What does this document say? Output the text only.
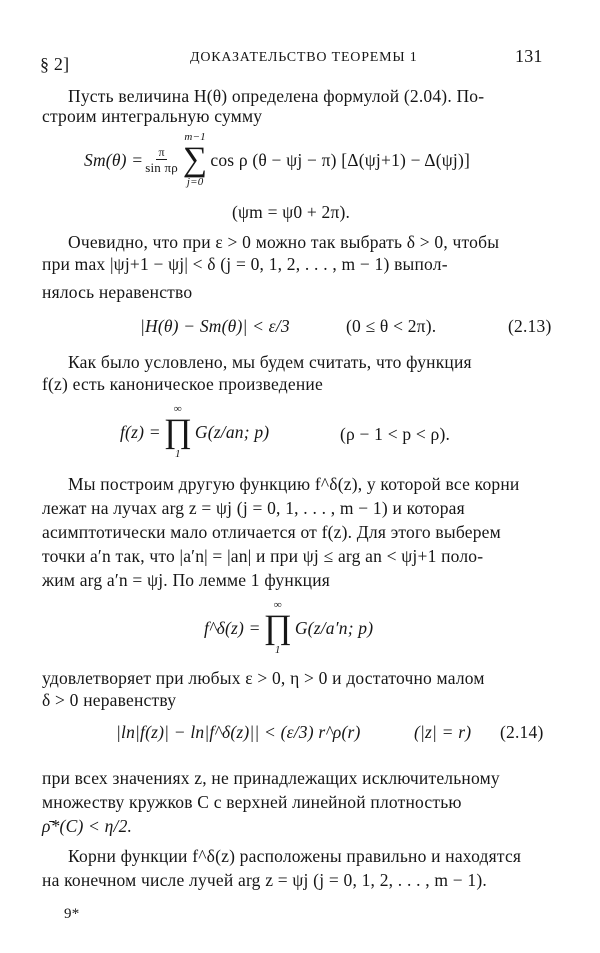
§ 2]	ДОКАЗАТЕЛЬСТВО ТЕОРЕМЫ 1	131
Пусть величина H(θ) определена формулой (2.04). По-
строим интегральную сумму
$Sm(\theta) = \frac{\pi}{\text{sin πρ}}$
m−1
∑
j=0
cos ρ (θ − ψj − π) [Δ(ψj+1) − Δ(ψj)]
(ψm = ψ0 + 2π).
Очевидно, что при ε > 0 можно так выбрать δ > 0, чтобы
при max |ψj+1 − ψj| < δ (j = 0, 1, 2, . . . , m − 1) выпол-
нялось неравенство
|H(θ) − Sm(θ)| < ε/3	(0 ≤ θ < 2π).	(2.13)
Как было условлено, мы будем считать, что функция
f(z) есть каноническое произведение
f(z) =
∞
∏
1
G(z/an; p)	(ρ − 1 < p < ρ).
Мы построим другую функцию f^δ(z), у которой все корни
лежат на лучах arg z = ψj (j = 0, 1, . . . , m − 1) и которая
асимптотически мало отличается от f(z). Для этого выберем
точки a′n так, что |a′n| = |an| и при ψj ≤ arg an < ψj+1 поло-
жим arg a′n = ψj. По лемме 1 функция
f^δ(z) =
∞
∏
1
G(z/a′n; p)
удовлетворяет при любых ε > 0, η > 0 и достаточно малом
δ > 0 неравенству
|ln|f(z)| − ln|f^δ(z)|| < (ε/3) r^ρ(r)	(|z| = r) (2.14)
при всех значениях z, не принадлежащих исключительному
множеству кружков C с верхней линейной плотностью
ρ̄*(C) < η/2.
Корни функции f^δ(z) расположены правильно и находятся
на конечном числе лучей arg z = ψj (j = 0, 1, 2, . . . , m − 1).
9*
